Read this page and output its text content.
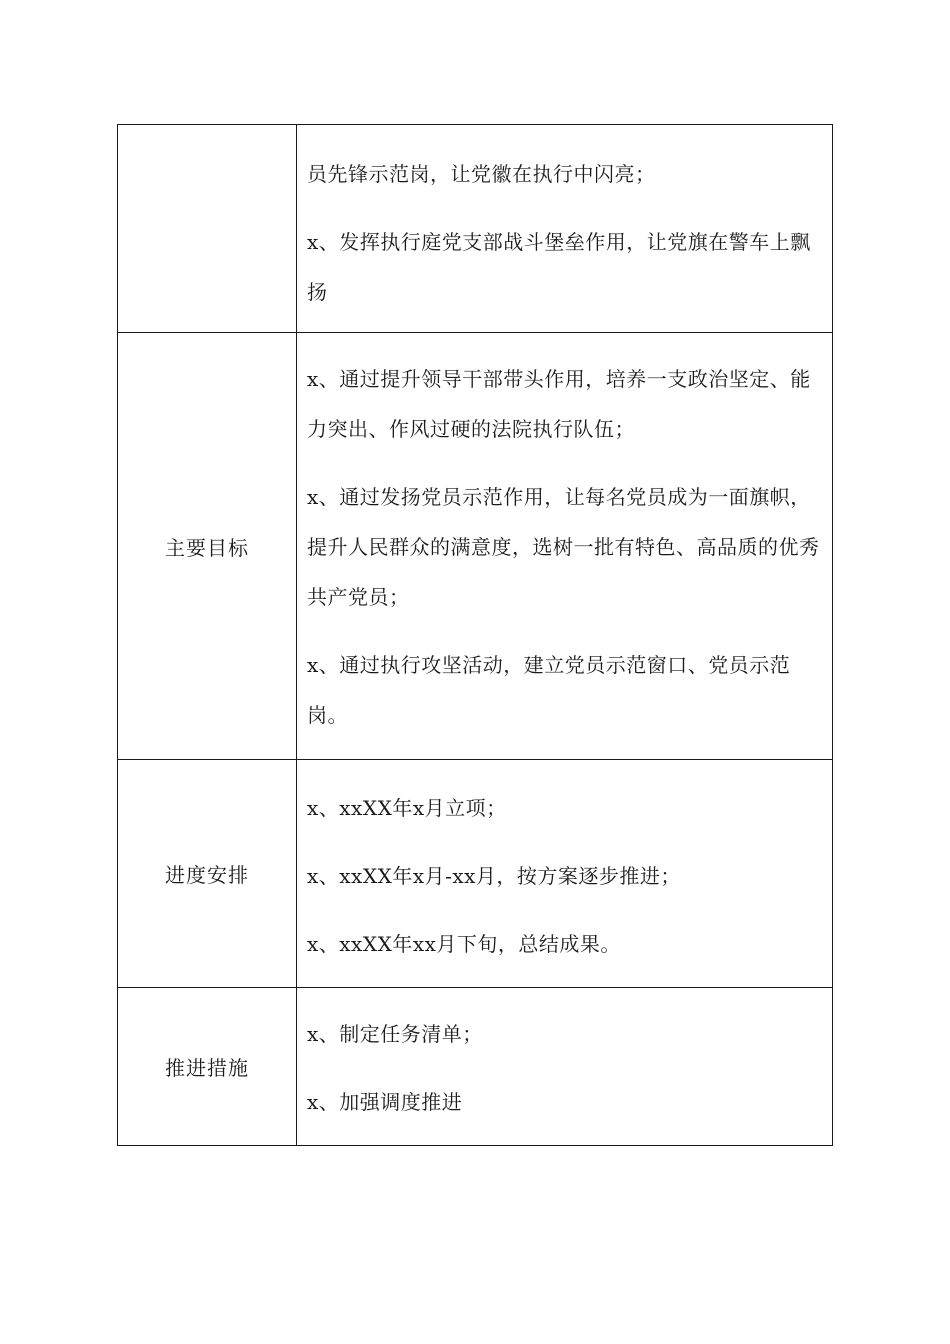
	员先锋示范岗，让党徽在执行中闪亮；

x、发挥执行庭党支部战斗堡垒作用，让党旗在警车上飘扬

主要目标	x、通过提升领导干部带头作用，培养一支政治坚定、能力突出、作风过硬的法院执行队伍；

x、通过发扬党员示范作用，让每名党员成为一面旗帜，提升人民群众的满意度，选树一批有特色、高品质的优秀共产党员；

x、通过执行攻坚活动，建立党员示范窗口、党员示范岗。

进度安排	x、xxXX年x月立项；

x、xxXX年x月-xx月，按方案逐步推进；

x、xxXX年xx月下旬，总结成果。

推进措施	x、制定任务清单；

x、加强调度推进
